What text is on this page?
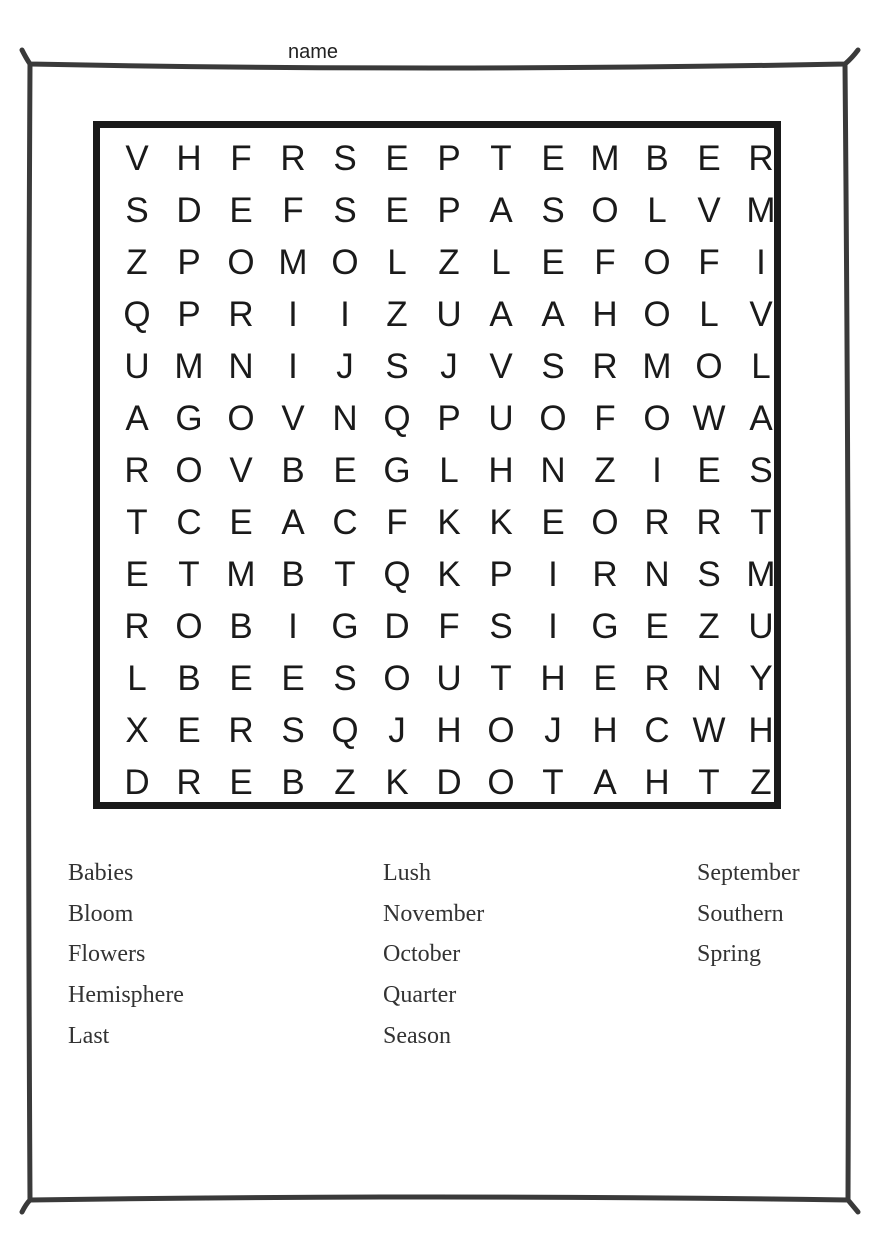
name
V H F R S E P T E M B E R
S D E F S E P A S O L V M
Z P O M O L Z L E F O F	I
Q P R I	I	Z U A A H O L V
U M N I	J S J V S R M O L
A G O V N Q P U O F O W A
R O V B E G L H N Z	I	E S
T C E A C F K K E O R R T
E T M B T Q K P	I R N S M
R O B	I G D F S	I G E Z U
L B E E S O U T H E R N Y
X E R S Q J H O J H C W H
D R E B Z K D O T A H T Z
Babies
Bloom
Flowers
Hemisphere
Last
Lush
November
October
Quarter
Season
September
Southern
Spring
